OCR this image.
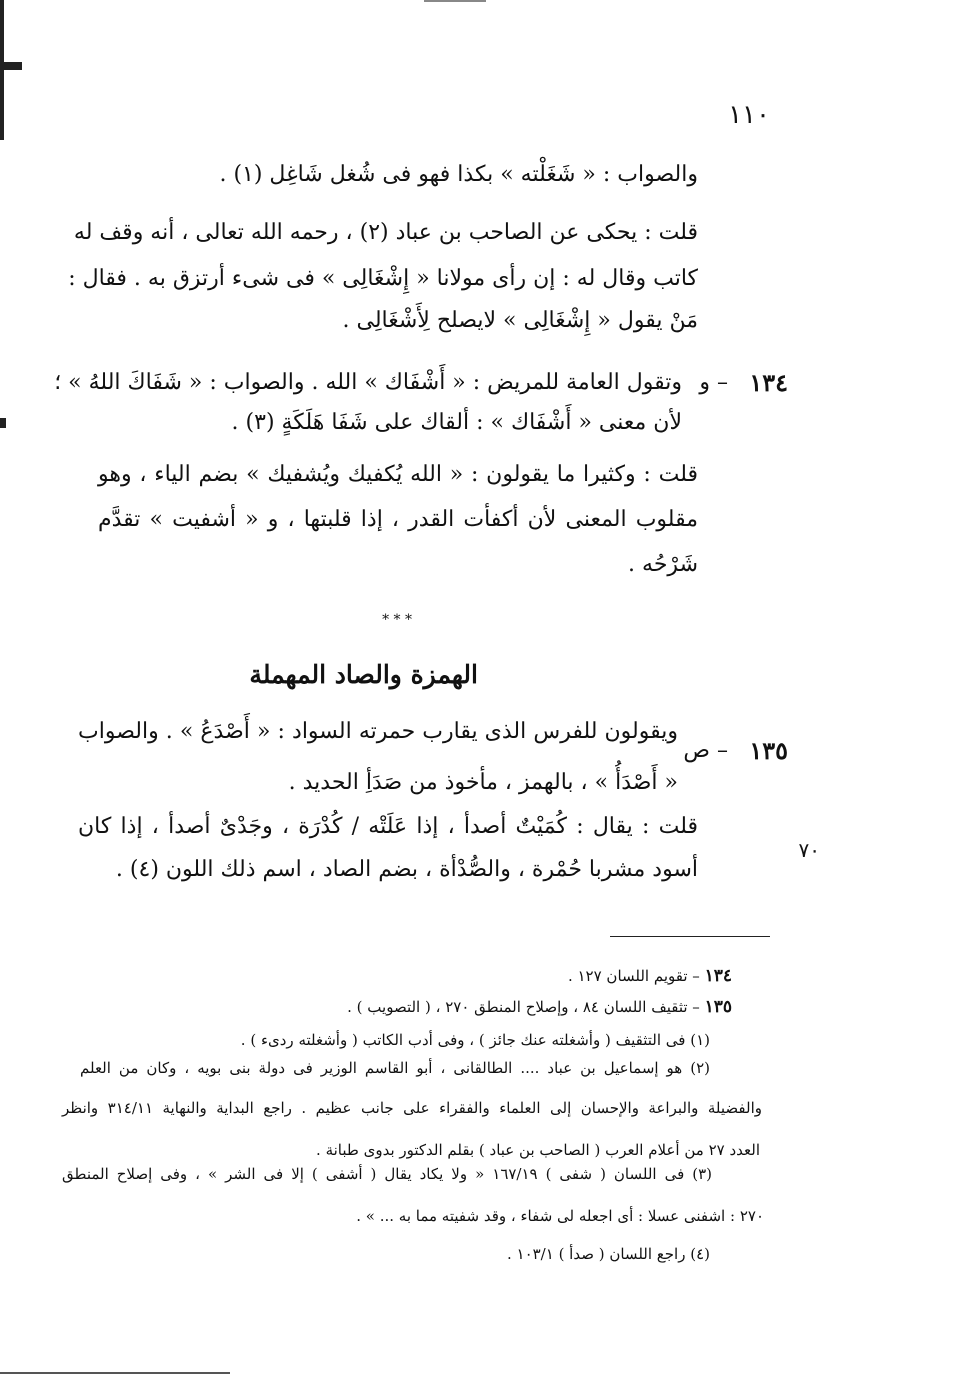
١١٠
والصواب : « شَغَلْته » بكذا فهو فى شُغل شَاغِل (١) .
قلت : يحكى عن الصاحب بن عباد (٢) ، رحمه الله تعالى ، أنه وقف له
كاتب وقال له : إن رأى مولانا « إِشْغَالِى » فى شىء أرتزق به . فقال :
مَنْ يقول « إِشْغَالِى » لايصلح لِأَشْغَالِى .
١٣٤
– و
وتقول العامة للمريض : « أَشْفَاك » الله . والصواب : « شَفَاكَ اللهُ » ؛
لأن معنى « أَشْفَاك » : ألقاك على شَفَا هَلَكَةٍ (٣) .
قلت : وكثيرا ما يقولون : « الله يُكفيك ويُشفيك » بضم الياء ، وهو
مقلوب المعنى لأن أكفأت القدر ، إذا قلبتها ، و « أشفيت » تقدَّم
شَرْحُه .
* * *
الهمزة والصاد المهملة
١٣٥
– ص
ويقولون للفرس الذى يقارب حمرته السواد : « أَصْدَعُ » . والصواب
« أَصْدَأُ » ، بالهمز ، مأخوذ من صَدَأِ الحديد .
قلت : يقال : كُمَيْتٌ أصدأ ، إذا عَلَتْه / كُدْرَة ، وجَدْىٌ أصدأ ، إذا كان
أسود مشربا حُمْرة ، والصُّدْأة ، بضم الصاد ، اسم ذلك اللون (٤) .
٧٠
١٣٤ – تقويم اللسان ١٢٧ .
١٣٥ – تثقيف اللسان ٨٤ ، وإصلاح المنطق ٢٧٠ ، ( التصويب ) .
(١) فى التثقيف ( وأشغلته عنك جائز ) ، وفى أدب الكاتب ( وأشغلته ردىء ) .
(٢) هو إسماعيل بن عباد .... الطالقانى ، أبو القاسم الوزير فى دولة بنى بويه ، وكان من العلم
والفضيلة والبراعة والإحسان إلى العلماء والفقراء على جانب عظيم . راجع البداية والنهاية ٣١٤/١١ وانظر
العدد ٢٧ من أعلام العرب ( الصاحب بن عباد ) بقلم الدكتور بدوى طبانة .
(٣) فى اللسان ( شفى ) ١٦٧/١٩ « ولا يكاد يقال ( أشفى ) إلا فى الشر » ، وفى إصلاح المنطق
٢٧٠ : اشفنى عسلا : أى اجعله لى شفاء ، وقد شفيته مما به ... » .
(٤) راجع اللسان ( صدأ ) ١٠٣/١ .
